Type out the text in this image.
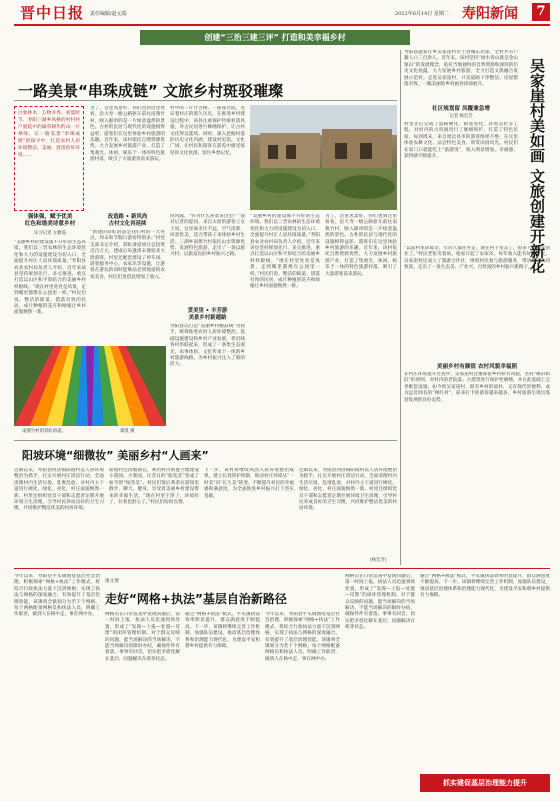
晋中日报 责任编辑/赵元瑞	2022年6月14日 星期二 寿阳新闻	7
创建“三治三建三评” 打造和美幸福乡村
一路美景“串珠成链” 文旅乡村斑驳璀璨
白象林木，万物并秀。初夏时节，寿阳三湖乡风格的村村村户庭院中的碳草耕作的山一片翠绿。在一路美景“串珠成链”的探寻中，打造农村人居环境整洁、美丽、舒适的好环境……
强体强，赋予优美
红色和谐美诗意乡村
实习记者 左雅茹
“美丽乡村的建设离不开好的生态环境。我们以三晋农林的生态环境优化和大力的设施建设为切入口，全面提升村庄人居环境质量。”寿阳县农业农村局负责人介绍，近年来该县坚持规划先行、多点推进，重点打造以山区和平原结合的美丽乡村样板线。“现在村里处处是风景，走到哪里都像在公园里一样。”村民们说。整洁的街道、错落有致的民居，成片种植的花卉和绿植让乡村面貌焕然一新。
为了，这里风景好、你们也到这里看看。沿大寿一级公路驱车前往南燕竹村，映入眼帘的是一片绿意盎然的景色。古朴的民居与现代化的设施相得益彰，游客们在这里体验乡村旅游的乐趣。近年来，该村依托自然资源优势，大力发展乡村旅游产业，打造了集观光、休闲、娱乐于一体的特色旅游村落，吸引了大量游客前来游玩。
村中的一片片古树、一座座古院，见证着村庄的悠久历史。在推进乡村建设过程中，该县注重保护传统村落风貌，对古民居进行修缮保护，让古村文化得以延续。同时，深入挖掘村落的历史文化内涵，建设村史馆、文化广场，让村民和游客在游览中感受浓厚的文化氛围，留住乡愁记忆。
改造路 • 新风尚
古村文化再延续
“新建的彩虹滑道是我们村的一大亮点，周末和节假日游客特别多。”村党支部书记介绍，彩虹滑道项目总投资近百万元，建成后每逢周末便迎来大批游客。村里还配套建设了停车场、游客服务中心、农家乐等设施，让游客在游玩的同时能够品尝到地道的农家美食，村民们也借此增加了收入。
度风越，“你为什么喜欢来这里？”面对记者的提问，来自太原的游客王女士说，这里离市区不远，空气清新，风景优美，适合带孩子来体验乡村生活。三湖乡南燕竹村依托山水资源优势，发展特色旅游，走出了一条以旅兴村、以旅富民的乡村振兴之路。
贯美里 • 丰芳游
美景乡村新越路
寿阳县以打造“美丽乡村精品线”为抓手，统筹推进农村人居环境整治、基础设施建设和乡村产业发展，将沿线各村串联起来，形成了一条集生态观光、农事体验、文化传承于一体的乡村旅游线路，为乡村振兴注入了新的活力。
“美丽乡村的建设离不开好的生态环境。我们以三晋农林的生态环境优化和大力的设施建设为切入口，全面提升村庄人居环境质量。”寿阳县农业农村局负责人介绍，近年来该县坚持规划先行、多点推进，重点打造以山区和平原结合的美丽乡村样板线。“现在村里处处是风景，走到哪里都像在公园里一样。”村民们说。整洁的街道、错落有致的民居，成片种植的花卉和绿植让乡村面貌焕然一新。
为了，这里风景好、你们也到这里看看。沿大寿一级公路驱车前往南燕竹村，映入眼帘的是一片绿意盎然的景色。古朴的民居与现代化的设施相得益彰，游客们在这里体验乡村旅游的乐趣。近年来，该村依托自然资源优势，大力发展乡村旅游产业，打造了集观光、休闲、娱乐于一体的特色旅游村落，吸引了大量游客前来游玩。
南燕竹村的彩虹滑道。	郑凯 摄
吴家崖村美如画 文旅创建开新花
寿阳县温家庄乡吴家崖村位于县城东北部，全村共有户籍人口三百余人。近年来，该村坚持“绿水青山就是金山银山”的发展理念，依托当地独特的自然资源和深厚的历史文化底蕴，大力发展乡村旅游，全力打造文旅融合发展示范村。走进吴家崖村，只见道路干净整洁、房屋错落有致，一幅美丽的乡村画卷徐徐展开。
社区规划留 凤覆兼急增
记者 杨宏芳
村里先后完成了道路硬化、街巷亮化、环境美化等工程，对村内的古窑洞进行了修缮保护，打造了特色民宿。每到周末，来自周边县市的游客络绎不绝，在这里体验农耕文化、品尝特色美食、欣赏田园风光。村民们在家门口就能吃上“旅游饭”，收入明显增加，幸福感、获得感不断提升。
“以前村里环境差，年轻人都往外走，现在村子变美了，很多人都回来创业了。”村民老张笑着说。他家开起了农家乐，每年收入能有好几万元。吴家崖村还成立了旅游合作社，组织村民参与旅游服务，带动群众共同致富，走出了一条生态美、产业兴、百姓富的乡村振兴新路子。
美丽乡村有颜值 农村风貌幸福照
在村庄环境提升过程中，吴家崖村注重保留乡村原有风貌，坚持“修旧如旧”的原则，对村内的老院落、古建筑进行保护性修缮，并在此基础上完善配套设施。如今的吴家崖村，既有乡村的质朴，又有现代的便利，成为远近闻名的“网红村”，前来打卡的游客越来越多，乡村旅游呈现出蓬勃发展的良好态势。
阳坡环境“细微妆” 美丽乡村“人画来”
近期以来，寿阳县西洛镇阳坡村以人居环境整治为抓手，扎实开展村庄清洁行动，全面清理村内生活垃圾、乱堆乱放，对村内主干道进行硬化、绿化、亮化，村庄面貌焕然一新。村里还组织党员干部和志愿者定期开展环境卫生清理，引导村民养成良好的卫生习惯，共同维护整洁优美的村居环境。
阳坡村还因地制宜，利用村内闲置空地建设小游园、小菜园，让昔日的“脏乱差”变成了如今的“绿净美”。村民们饭后茶余在游园里散步、聊天、健身，享受着美丽乡村建设带来的幸福生活。“现在村里干净了，环境好了，住着也舒心了。”村民们纷纷点赞。
下一步，该村将继续巩固人居环境整治成果，建立长效管护机制，推动村庄环境从“一时美”向“长久美”转变，不断提升村民的幸福感和满意度，为全面推进乡村振兴打下坚实基础。
近期以来，寿阳县西洛镇阳坡村以人居环境整治为抓手，扎实开展村庄清洁行动，全面清理村内生活垃圾、乱堆乱放，对村内主干道进行硬化、绿化、亮化，村庄面貌焕然一新。村里还组织党员干部和志愿者定期开展环境卫生清理，引导村民养成良好的卫生习惯，共同维护整洁优美的村居环境。
(杨宏芳)
康文倩
走好“网格+执法”基层自治新路径
今年以来，寿阳县平头镇围绕基层社会治理，积极探索“网格+执法”工作模式，将综合行政执法力量下沉到网格，实现了执法与网格的深度融合，有效提升了基层治理效能。该镇将全镇划分为若干个网格，每个网格配备网格员和执法人员，明确工作职责，做到人在格中走、事在网中办。	网格员在日常巡查中发现问题后，第一时间上报，执法人员迅速到场处置，形成了“发现—上报—处置—反馈”的闭环管理机制。对于群众反映的问题，能当场解决的当场解决，不能当场解决的限时办结，确保件件有着落、事事有回音，切实把矛盾化解在基层、问题解决在萌芽状态。
通过“网格+执法”模式，平头镇执法效率明显提升，群众满意度不断提高。下一步，该镇将继续完善工作机制，加强队伍建设，推动基层治理体系和治理能力现代化，为建设平安和谐乡村提供有力保障。
今年以来，寿阳县平头镇围绕基层社会治理，积极探索“网格+执法”工作模式，将综合行政执法力量下沉到网格，实现了执法与网格的深度融合，有效提升了基层治理效能。该镇将全镇划分为若干个网格，每个网格配备网格员和执法人员，明确工作职责，做到人在格中走、事在网中办。
网格员在日常巡查中发现问题后，第一时间上报，执法人员迅速到场处置，形成了“发现—上报—处置—反馈”的闭环管理机制。对于群众反映的问题，能当场解决的当场解决，不能当场解决的限时办结，确保件件有着落、事事有回音，切实把矛盾化解在基层、问题解决在萌芽状态。
通过“网格+执法”模式，平头镇执法效率明显提升，群众满意度不断提高。下一步，该镇将继续完善工作机制，加强队伍建设，推动基层治理体系和治理能力现代化，为建设平安和谐乡村提供有力保障。
抓实建促基层治理能力提升
